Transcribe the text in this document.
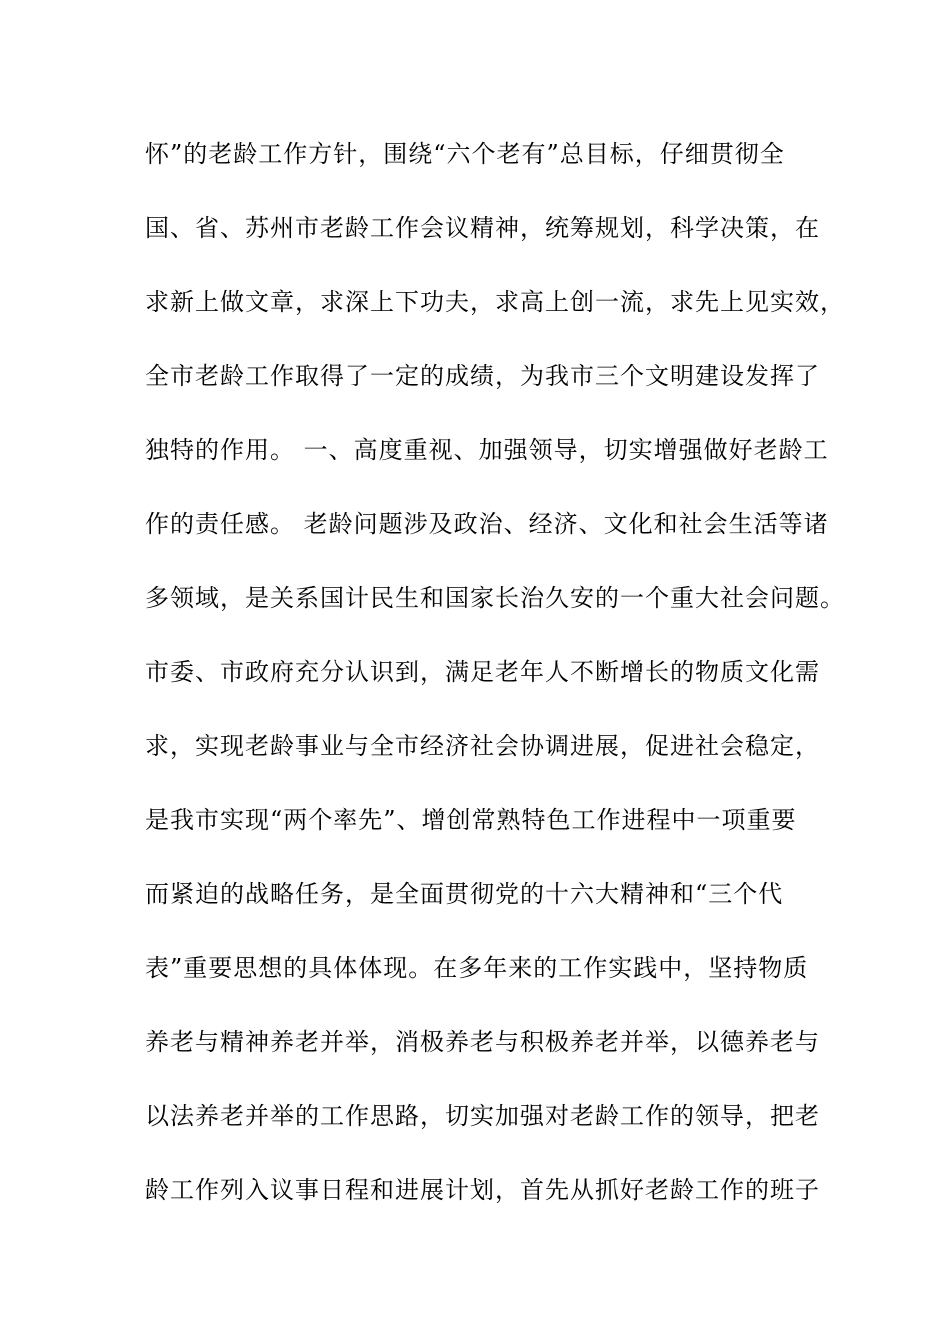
怀”的老龄工作方针，围绕“六个老有”总目标，仔细贯彻全
国、省、苏州市老龄工作会议精神，统筹规划，科学决策，在
求新上做文章，求深上下功夫，求高上创一流，求先上见实效，
全市老龄工作取得了一定的成绩，为我市三个文明建设发挥了
独特的作用。 一、高度重视、加强领导，切实增强做好老龄工
作的责任感。 老龄问题涉及政治、经济、文化和社会生活等诸
多领域，是关系国计民生和国家长治久安的一个重大社会问题。
市委、市政府充分认识到，满足老年人不断增长的物质文化需
求，实现老龄事业与全市经济社会协调进展，促进社会稳定，
是我市实现“两个率先”、增创常熟特色工作进程中一项重要
而紧迫的战略任务，是全面贯彻党的十六大精神和“三个代
表”重要思想的具体体现。在多年来的工作实践中，坚持物质
养老与精神养老并举，消极养老与积极养老并举，以德养老与
以法养老并举的工作思路，切实加强对老龄工作的领导，把老
龄工作列入议事日程和进展计划，首先从抓好老龄工作的班子
